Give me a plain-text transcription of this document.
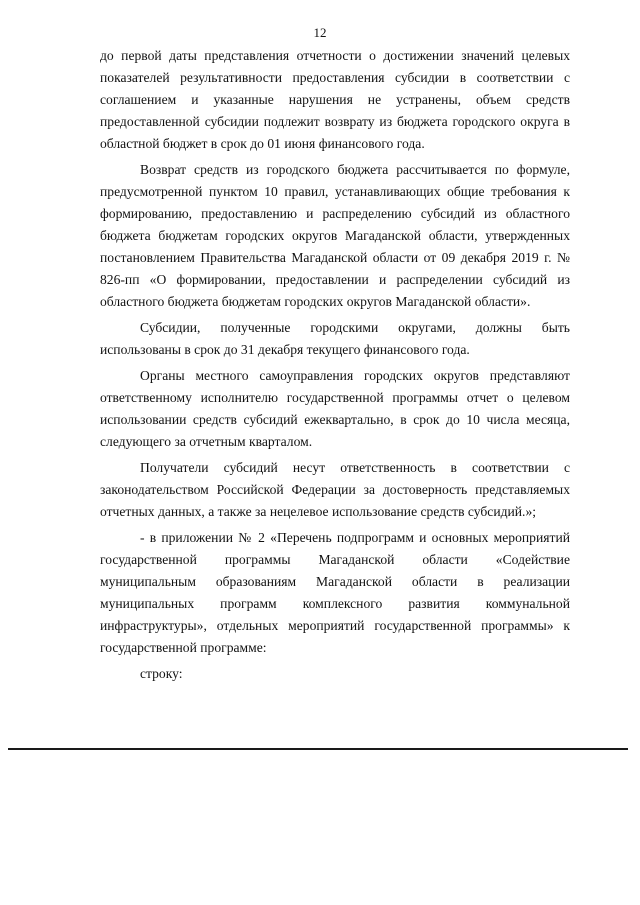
12

до первой даты представления отчетности о достижении значений целевых показателей результативности предоставления субсидии в соответствии с соглашением и указанные нарушения не устранены, объем средств предоставленной субсидии подлежит возврату из бюджета городского округа в областной бюджет в срок до 01 июня финансового года.

Возврат средств из городского бюджета рассчитывается по формуле, предусмотренной пунктом 10 правил, устанавливающих общие требования к формированию, предоставлению и распределению субсидий из областного бюджета бюджетам городских округов Магаданской области, утвержденных постановлением Правительства Магаданской области от 09 декабря 2019 г. № 826-пп «О формировании, предоставлении и распределении субсидий из областного бюджета бюджетам городских округов Магаданской области».

Субсидии, полученные городскими округами, должны быть использованы в срок до 31 декабря текущего финансового года.

Органы местного самоуправления городских округов представляют ответственному исполнителю государственной программы отчет о целевом использовании средств субсидий ежеквартально, в срок до 10 числа месяца, следующего за отчетным кварталом.

Получатели субсидий несут ответственность в соответствии с законодательством Российской Федерации за достоверность представляемых отчетных данных, а также за нецелевое использование средств субсидий.»;

- в приложении № 2 «Перечень подпрограмм и основных мероприятий государственной программы Магаданской области «Содействие муниципальным образованиям Магаданской области в реализации муниципальных программ комплексного развития коммунальной инфраструктуры», отдельных мероприятий государственной программы» к государственной программе:

строку:
